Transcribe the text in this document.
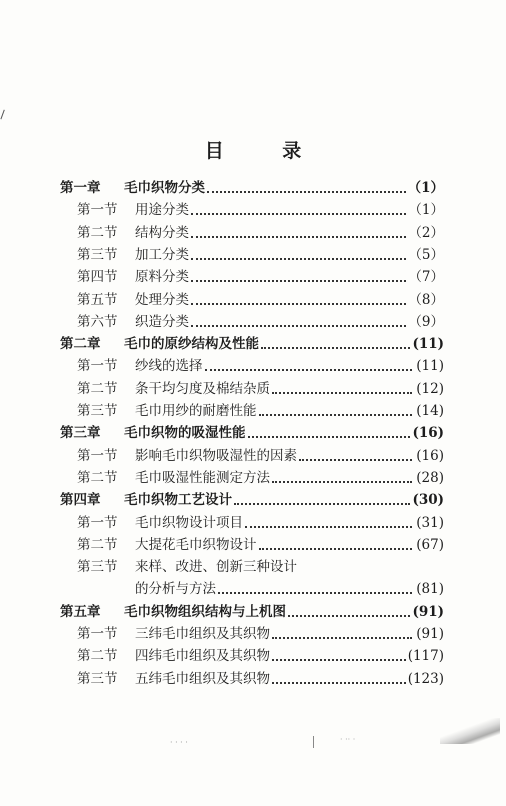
目 录
第一章	毛巾织物分类	（1）
第一节	用途分类	（1）
第二节	结构分类	（2）
第三节	加工分类	（5）
第四节	原料分类	（7）
第五节	处理分类	（8）
第六节	织造分类	（9）
第二章	毛巾的原纱结构及性能	(11)
第一节	纱线的选择	(11)
第二节	条干均匀度及棉结杂质	(12)
第三节	毛巾用纱的耐磨性能	(14)
第三章	毛巾织物的吸湿性能	(16)
第一节	影响毛巾织物吸湿性的因素	(16)
第二节	毛巾吸湿性能测定方法	(28)
第四章	毛巾织物工艺设计	(30)
第一节	毛巾织物设计项目	(31)
第二节	大提花毛巾织物设计	(67)
第三节	来样、改进、创新三种设计
的分析与方法	(81)
第五章	毛巾织物组织结构与上机图	(91)
第一节	三纬毛巾组织及其织物	(91)
第二节	四纬毛巾组织及其织物	(117)
第三节	五纬毛巾组织及其织物	(123)
· · · ·	· ·· ·
